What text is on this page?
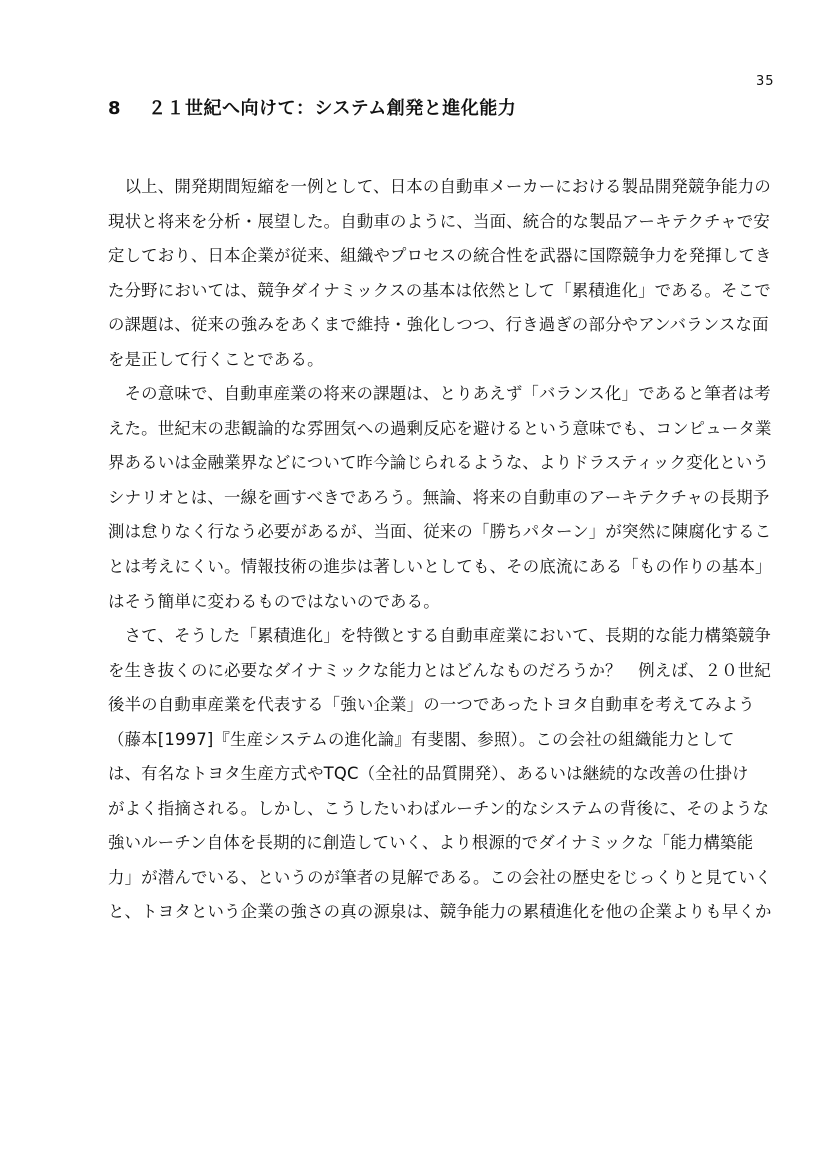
35
8 ２１世紀へ向けて：システム創発と進化能力
　以上、開発期間短縮を一例として、日本の自動車メーカーにおける製品開発競争能力の
現状と将来を分析・展望した。自動車のように、当面、統合的な製品アーキテクチャで安
定しており、日本企業が従来、組織やプロセスの統合性を武器に国際競争力を発揮してき
た分野においては、競争ダイナミックスの基本は依然として「累積進化」である。そこで
の課題は、従来の強みをあくまで維持・強化しつつ、行き過ぎの部分やアンバランスな面
を是正して行くことである。
　その意味で、自動車産業の将来の課題は、とりあえず「バランス化」であると筆者は考
えた。世紀末の悲観論的な雰囲気への過剰反応を避けるという意味でも、コンピュータ業
界あるいは金融業界などについて昨今論じられるような、よりドラスティック変化という
シナリオとは、一線を画すべきであろう。無論、将来の自動車のアーキテクチャの長期予
測は怠りなく行なう必要があるが、当面、従来の「勝ちパターン」が突然に陳腐化するこ
とは考えにくい。情報技術の進歩は著しいとしても、その底流にある「もの作りの基本」
はそう簡単に変わるものではないのである。
　さて、そうした「累積進化」を特徴とする自動車産業において、長期的な能力構築競争
を生き抜くのに必要なダイナミックな能力とはどんなものだろうか？　例えば、２０世紀
後半の自動車産業を代表する「強い企業」の一つであったトヨタ自動車を考えてみよう
（藤本[1997]『生産システムの進化論』有斐閣、参照）。この会社の組織能力として
は、有名なトヨタ生産方式やTQC（全社的品質開発）、あるいは継続的な改善の仕掛け
がよく指摘される。しかし、こうしたいわばルーチン的なシステムの背後に、そのような
強いルーチン自体を長期的に創造していく、より根源的でダイナミックな「能力構築能
力」が潜んでいる、というのが筆者の見解である。この会社の歴史をじっくりと見ていく
と、トヨタという企業の強さの真の源泉は、競争能力の累積進化を他の企業よりも早くか
